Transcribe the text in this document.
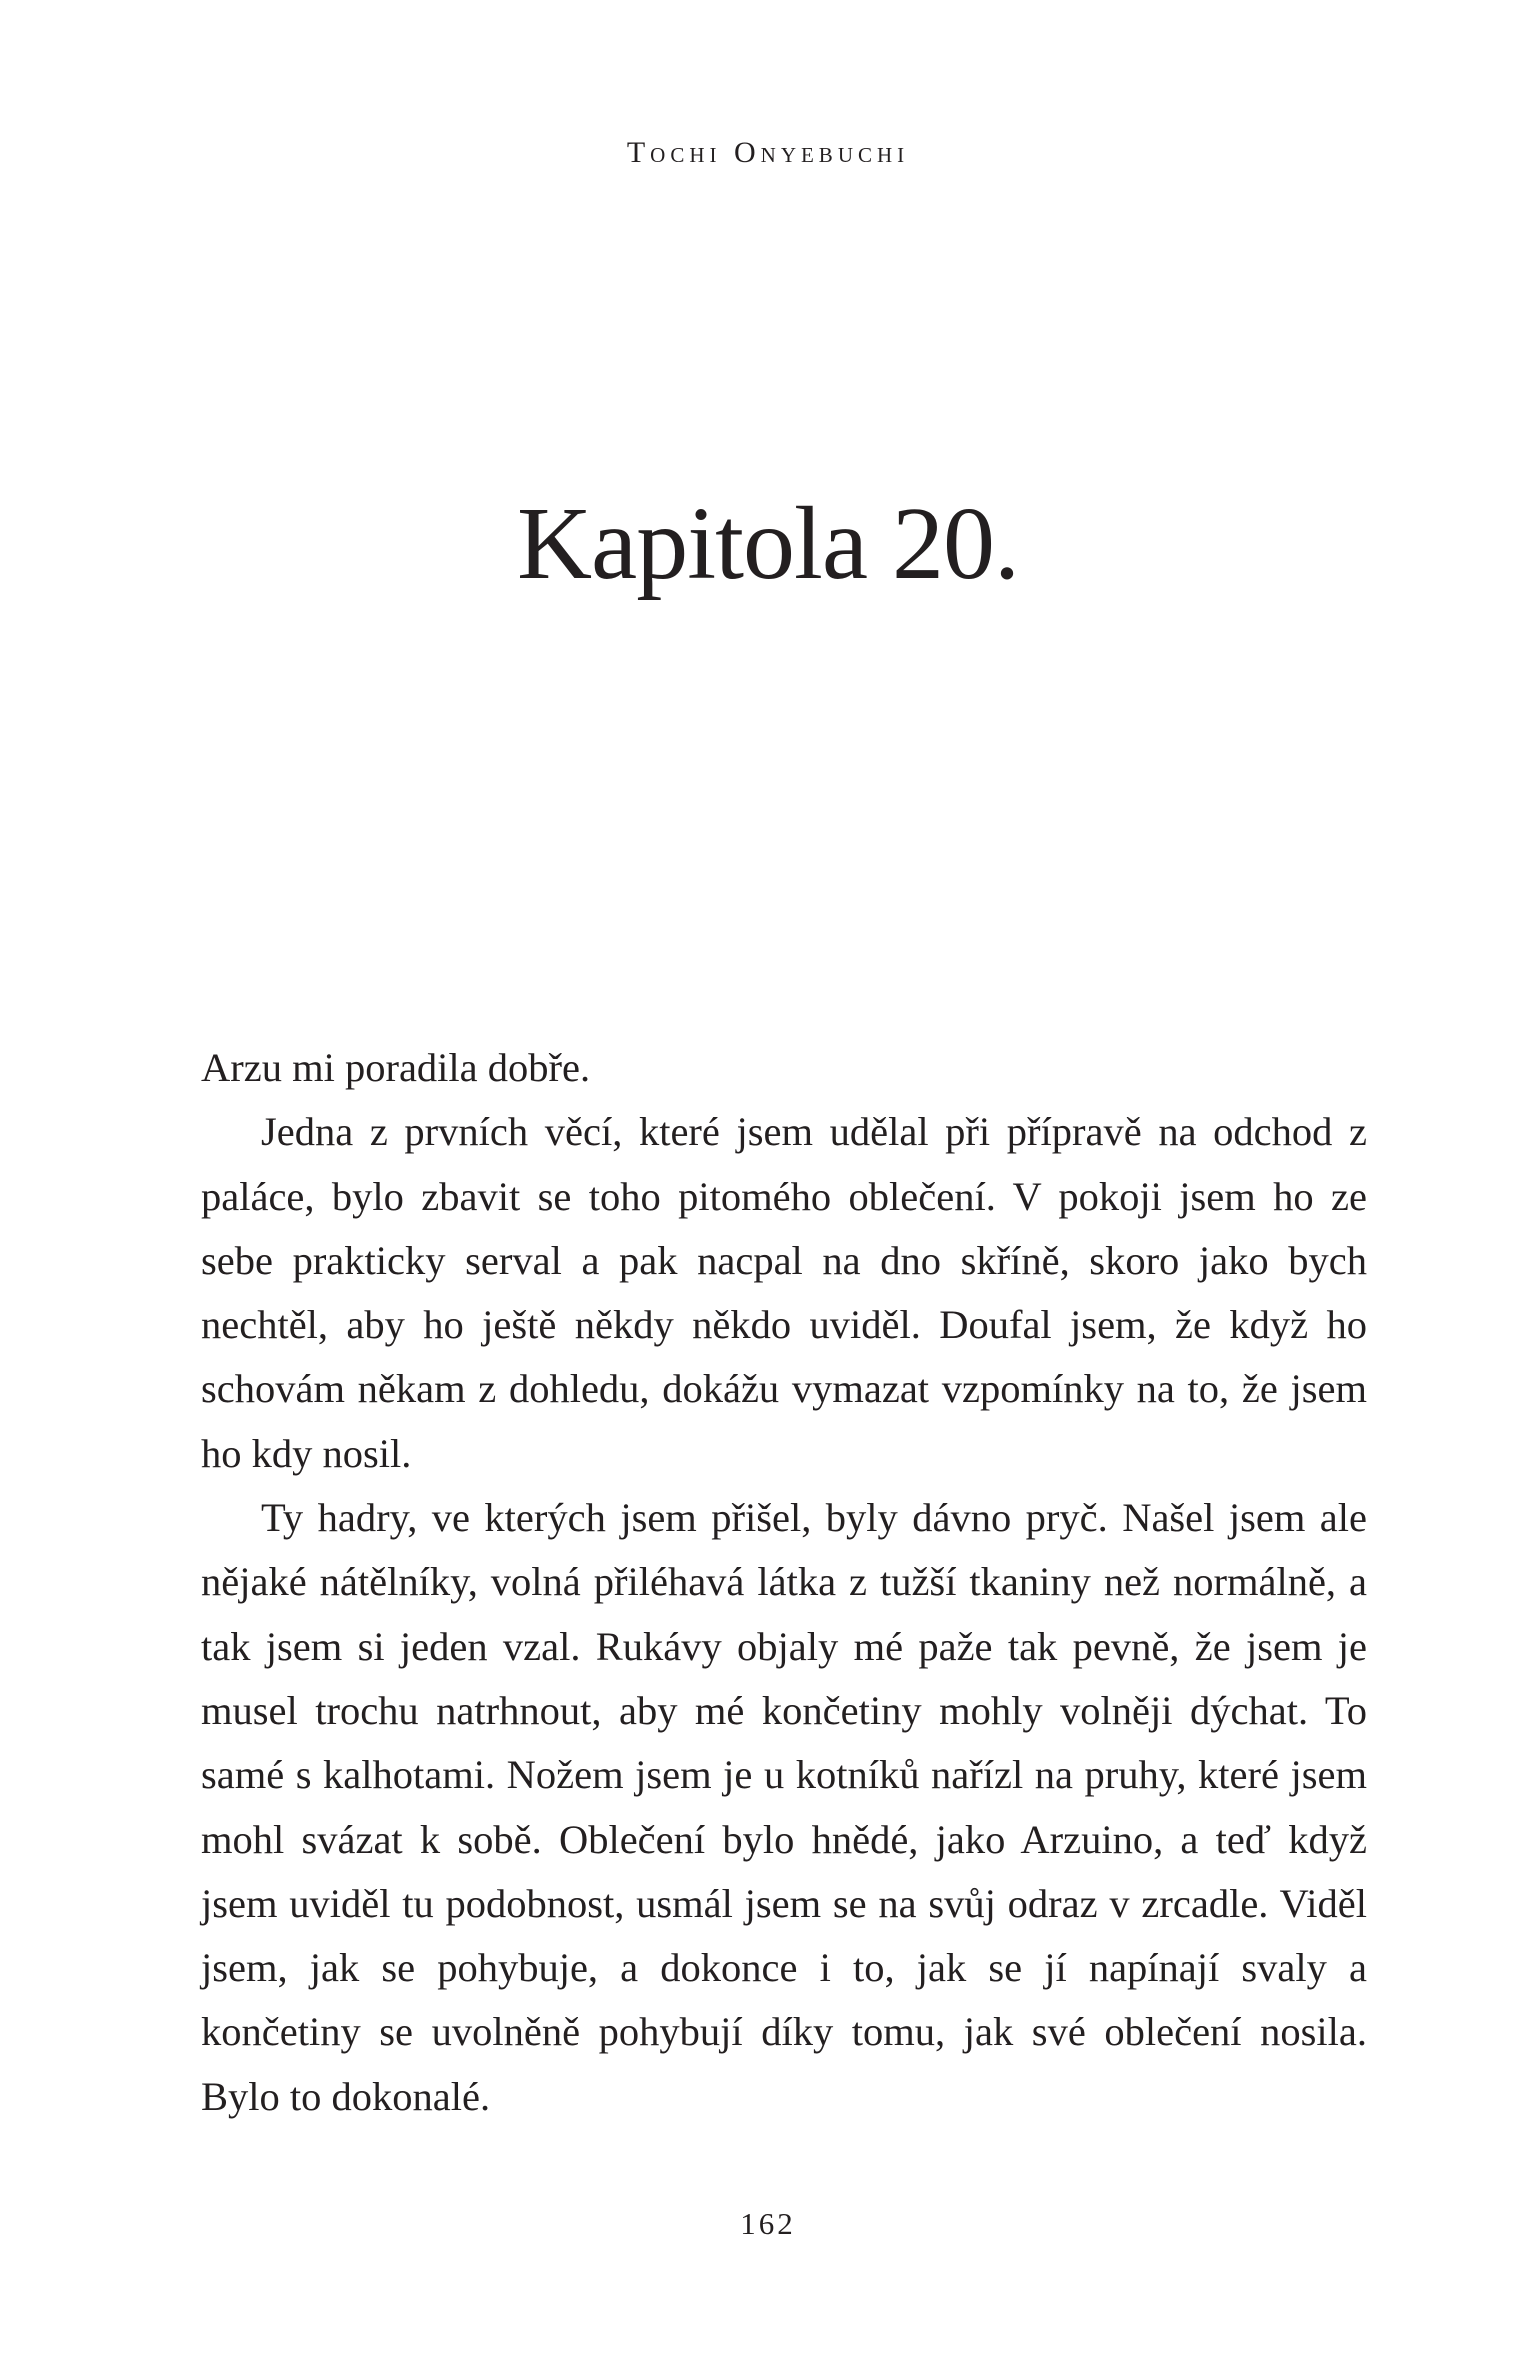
Tochi Onyebuchi
Kapitola 20.

Arzu mi poradila dobře.

Jedna z prvních věcí, které jsem udělal při přípravě na odchod z paláce, bylo zbavit se toho pitomého oblečení. V pokoji jsem ho ze sebe prakticky serval a pak nacpal na dno skříně, skoro jako bych nechtěl, aby ho ještě někdy někdo uviděl. Doufal jsem, že když ho schovám někam z dohledu, dokážu vymazat vzpomínky na to, že jsem ho kdy nosil.

Ty hadry, ve kterých jsem přišel, byly dávno pryč. Našel jsem ale nějaké nátělníky, volná přiléhavá látka z tužší tkaniny než normálně, a tak jsem si jeden vzal. Rukávy objaly mé paže tak pevně, že jsem je musel trochu natrhnout, aby mé končetiny mohly volněji dýchat. To samé s kalhotami. Nožem jsem je u kotníků nařízl na pruhy, které jsem mohl svázat k sobě. Oblečení bylo hnědé, jako Arzuino, a teď když jsem uviděl tu podobnost, usmál jsem se na svůj odraz v zrcadle. Viděl jsem, jak se pohybuje, a dokonce i to, jak se jí napínají svaly a končetiny se uvolněně pohybují díky tomu, jak své oblečení nosila. Bylo to dokonalé.

162
